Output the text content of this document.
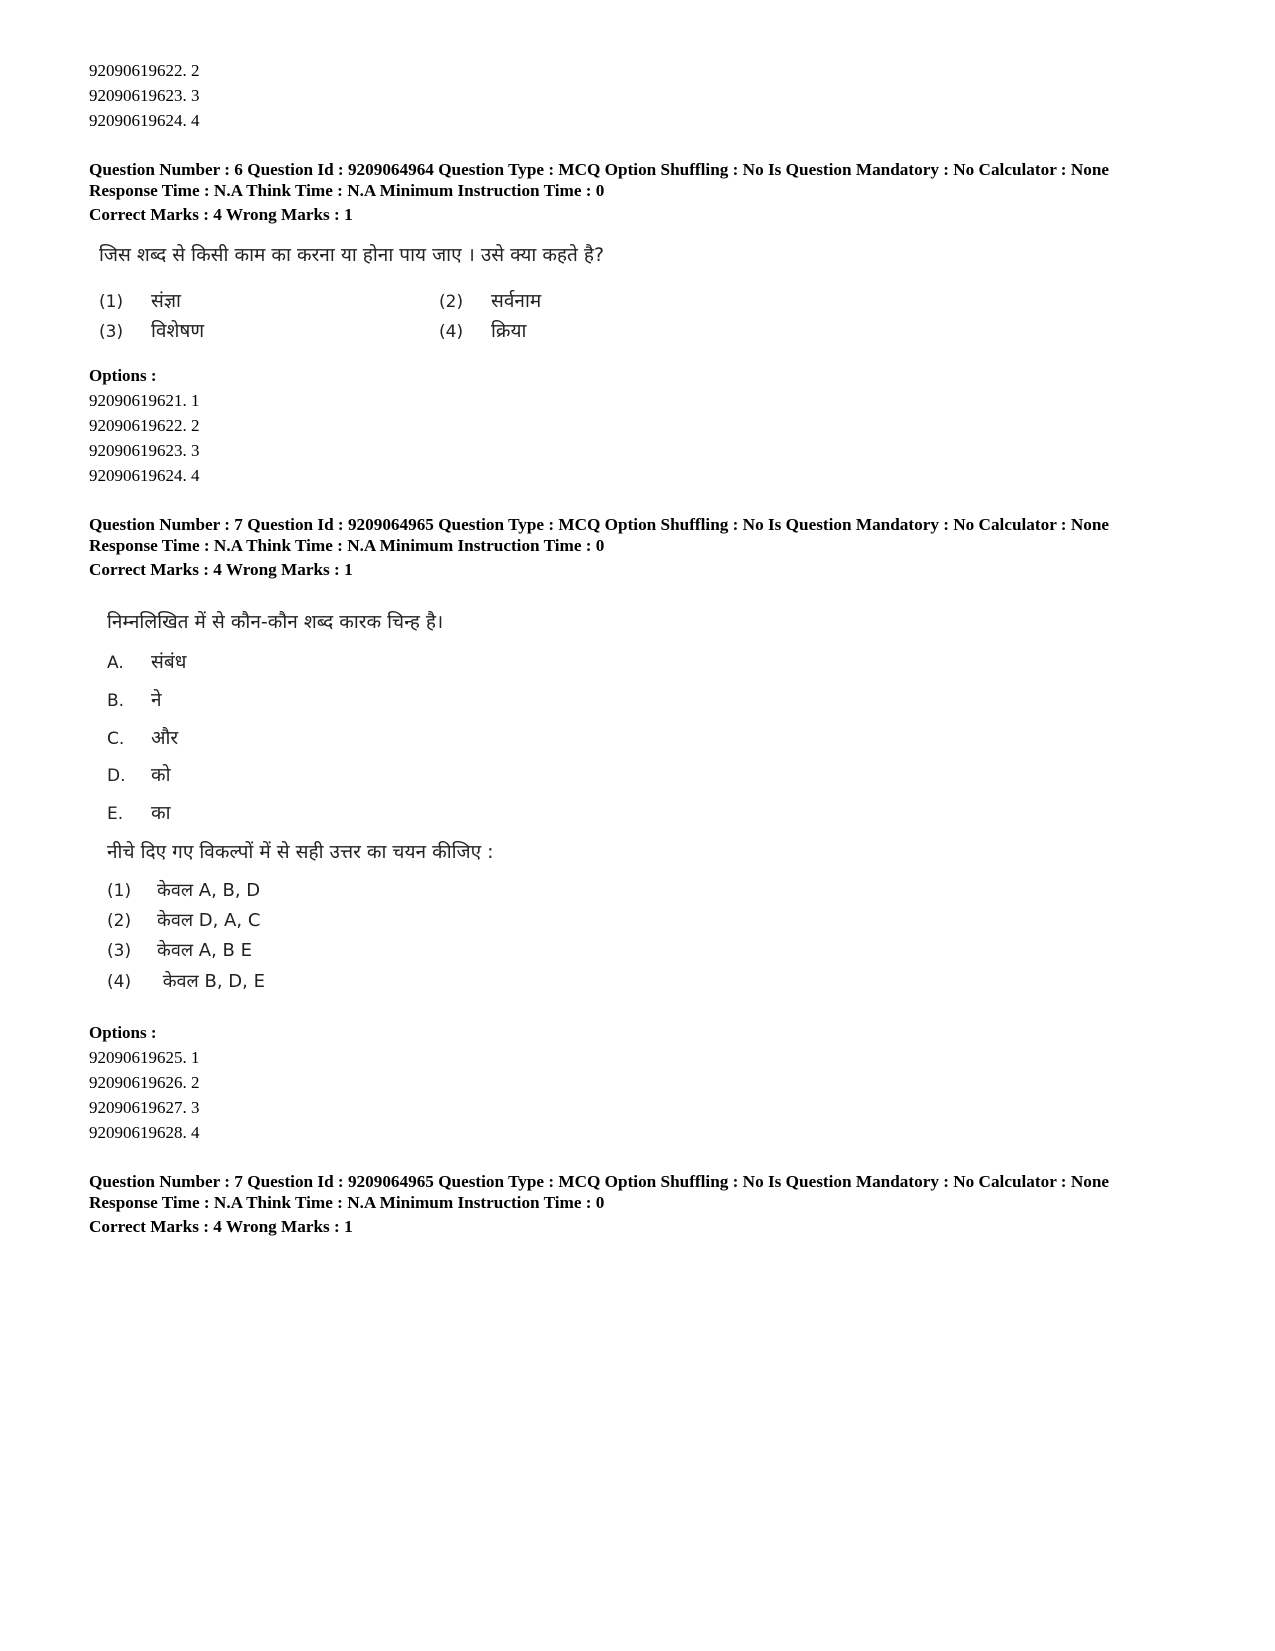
92090619622. 2
92090619623. 3
92090619624. 4
Question Number : 6 Question Id : 9209064964 Question Type : MCQ Option Shuffling : No Is Question Mandatory : No Calculator : None
Response Time : N.A Think Time : N.A Minimum Instruction Time : 0
Correct Marks : 4 Wrong Marks : 1
जिस शब्द से किसी काम का करना या होना पाय जाए । उसे क्या कहते है?
(1) संज्ञा	(2) सर्वनाम
(3) विशेषण	(4) क्रिया
Options :
92090619621. 1
92090619622. 2
92090619623. 3
92090619624. 4
Question Number : 7 Question Id : 9209064965 Question Type : MCQ Option Shuffling : No Is Question Mandatory : No Calculator : None
Response Time : N.A Think Time : N.A Minimum Instruction Time : 0
Correct Marks : 4 Wrong Marks : 1
निम्नलिखित में से कौन-कौन शब्द कारक चिन्ह है।
A. संबंध
B. ने
C. और
D. को
E. का
नीचे दिए गए विकल्पों में से सही उत्तर का चयन कीजिए :
(1) केवल A, B, D
(2) केवल D, A, C
(3) केवल A, B E
(4) केवल B, D, E
Options :
92090619625. 1
92090619626. 2
92090619627. 3
92090619628. 4
Question Number : 7 Question Id : 9209064965 Question Type : MCQ Option Shuffling : No Is Question Mandatory : No Calculator : None
Response Time : N.A Think Time : N.A Minimum Instruction Time : 0
Correct Marks : 4 Wrong Marks : 1
